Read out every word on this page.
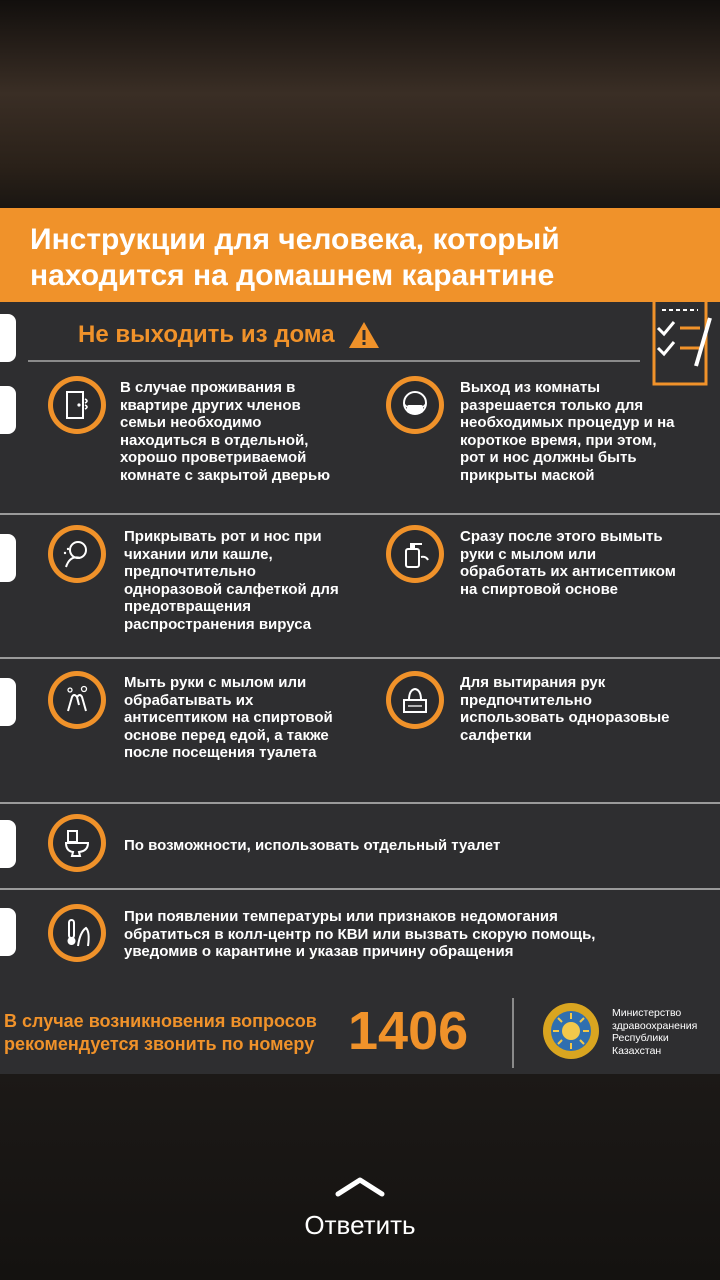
Инструкции для человека, который
находится на домашнем карантине
Не выходить из дома
В случае проживания в квартире других членов семьи необходимо находиться в отдельной, хорошо проветриваемой комнате с закрытой дверью
Выход из комнаты разрешается только для необходимых процедур и на короткое время, при этом, рот и нос должны быть прикрыты маской
Прикрывать рот и нос при чихании или кашле, предпочтительно одноразовой салфеткой для предотвращения распространения вируса
Сразу после этого вымыть руки с мылом или обработать их антисептиком на спиртовой основе
Мыть руки с мылом или обрабатывать их антисептиком на спиртовой основе перед едой, а также после посещения туалета
Для вытирания рук предпочтительно использовать одноразовые салфетки
По возможности, использовать отдельный туалет
При появлении температуры или признаков недомогания обратиться в колл-центр по КВИ или вызвать скорую помощь, уведомив о карантине и указав причину обращения
В случае возникновения вопросов
рекомендуется звонить по номеру 1406	Министерство
здравоохранения
Республики
Казахстан
Ответить
